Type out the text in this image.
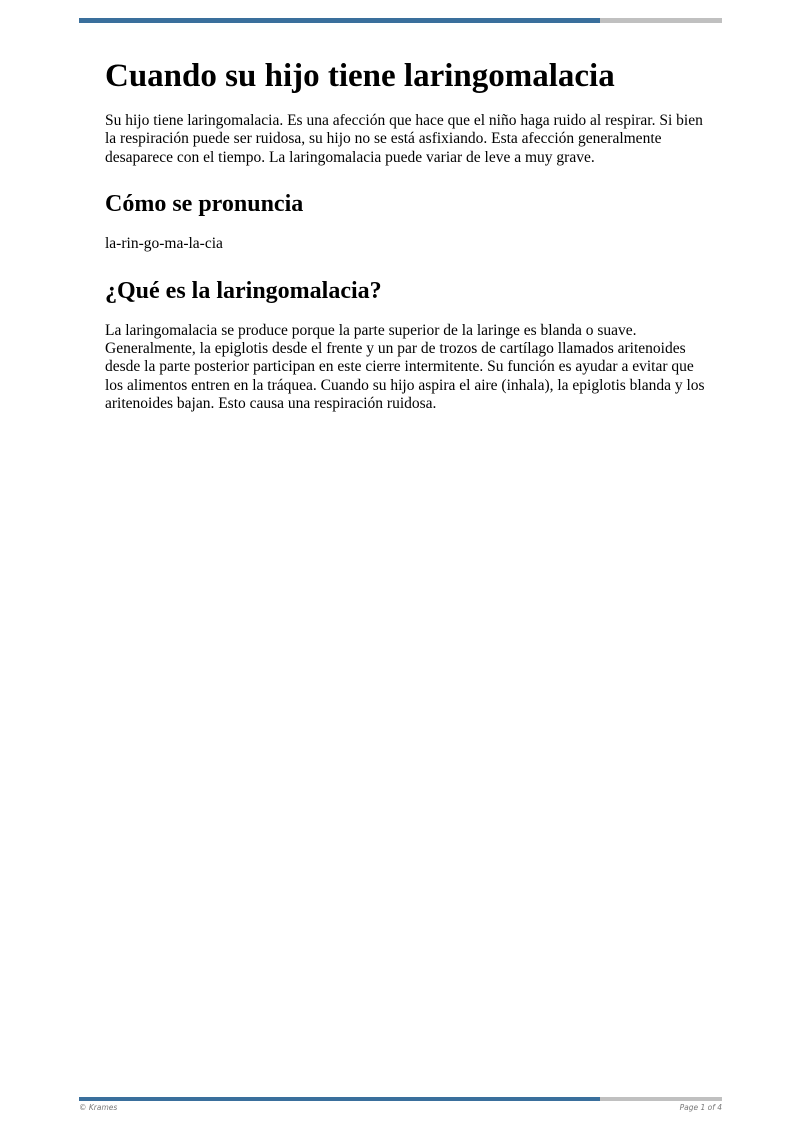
Cuando su hijo tiene laringomalacia

Su hijo tiene laringomalacia. Es una afección que hace que el niño haga ruido al respirar. Si bien la respiración puede ser ruidosa, su hijo no se está asfixiando. Esta afección generalmente desaparece con el tiempo. La laringomalacia puede variar de leve a muy grave.

Cómo se pronuncia

la-rin-go-ma-la-cia

¿Qué es la laringomalacia?

La laringomalacia se produce porque la parte superior de la laringe es blanda o suave. Generalmente, la epiglotis desde el frente y un par de trozos de cartílago llamados aritenoides desde la parte posterior participan en este cierre intermitente. Su función es ayudar a evitar que los alimentos entren en la tráquea. Cuando su hijo aspira el aire (inhala), la epiglotis blanda y los aritenoides bajan. Esto causa una respiración ruidosa.

© Krames	Page 1 of 4
